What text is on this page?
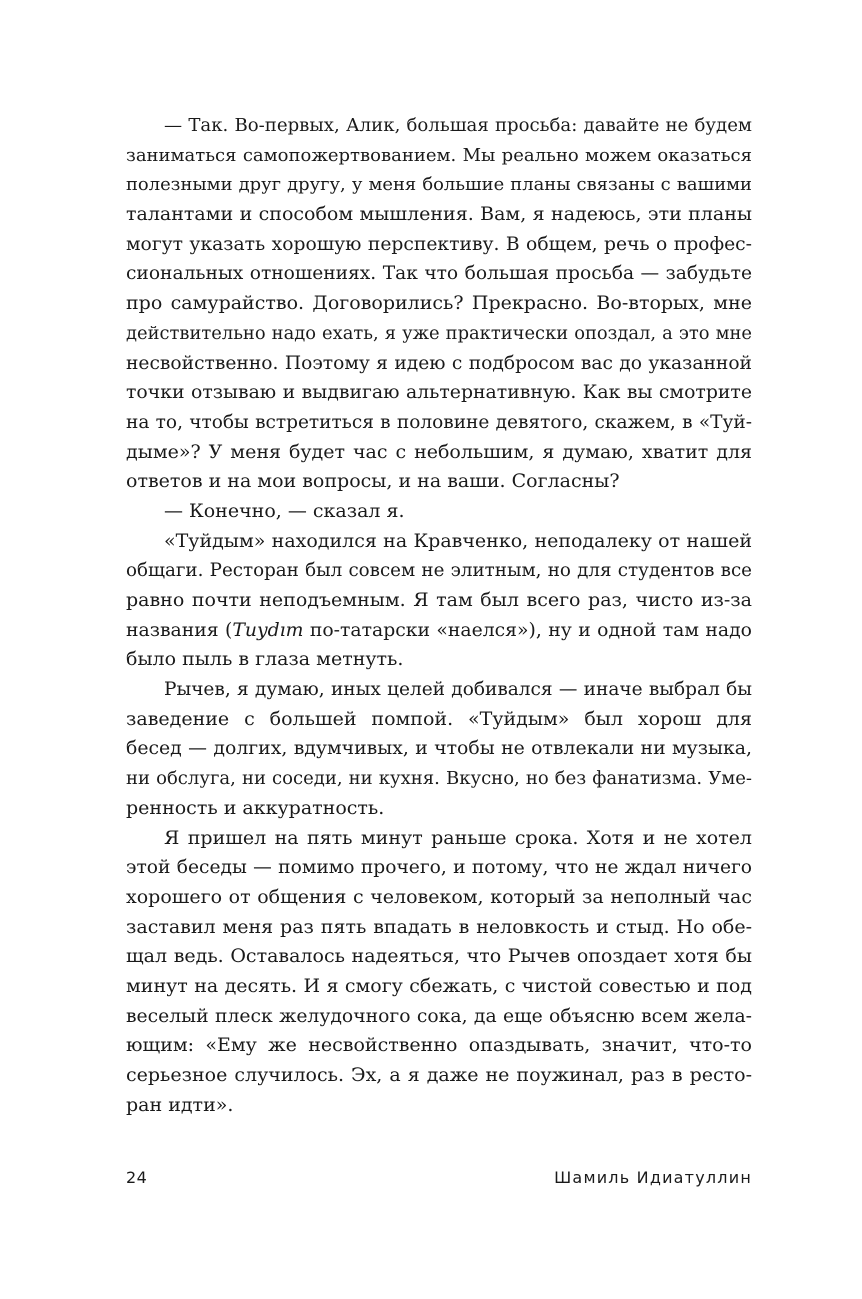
— Так. Во-первых, Алик, большая просьба: давайте не будем
заниматься самопожертвованием. Мы реально можем оказаться
полезными друг другу, у меня большие планы связаны с вашими
талантами и способом мышления. Вам, я надеюсь, эти планы
могут указать хорошую перспективу. В общем, речь о профес-
сиональных отношениях. Так что большая просьба — забудьте
про самурайство. Договорились? Прекрасно. Во-вторых, мне
действительно надо ехать, я уже практически опоздал, а это мне
несвойственно. Поэтому я идею с подбросом вас до указанной
точки отзываю и выдвигаю альтернативную. Как вы смотрите
на то, чтобы встретиться в половине девятого, скажем, в «Туй-
дыме»? У меня будет час с небольшим, я думаю, хватит для
ответов и на мои вопросы, и на ваши. Согласны?
— Конечно, — сказал я.
«Туйдым» находился на Кравченко, неподалеку от нашей
общаги. Ресторан был совсем не элитным, но для студентов все
равно почти неподъемным. Я там был всего раз, чисто из-за
названия (Tuydım по-татарски «наелся»), ну и одной там надо
было пыль в глаза метнуть.
Рычев, я думаю, иных целей добивался — иначе выбрал бы
заведение с большей помпой. «Туйдым» был хорош для
бесед — долгих, вдумчивых, и чтобы не отвлекали ни музыка,
ни обслуга, ни соседи, ни кухня. Вкусно, но без фанатизма. Уме-
ренность и аккуратность.
Я пришел на пять минут раньше срока. Хотя и не хотел
этой беседы — помимо прочего, и потому, что не ждал ничего
хорошего от общения с человеком, который за неполный час
заставил меня раз пять впадать в неловкость и стыд. Но обе-
щал ведь. Оставалось надеяться, что Рычев опоздает хотя бы
минут на десять. И я смогу сбежать, с чистой совестью и под
веселый плеск желудочного сока, да еще объясню всем жела-
ющим: «Ему же несвойственно опаздывать, значит, что-то
серьезное случилось. Эх, а я даже не поужинал, раз в ресто-
ран идти».
24	Шамиль Идиатуллин
